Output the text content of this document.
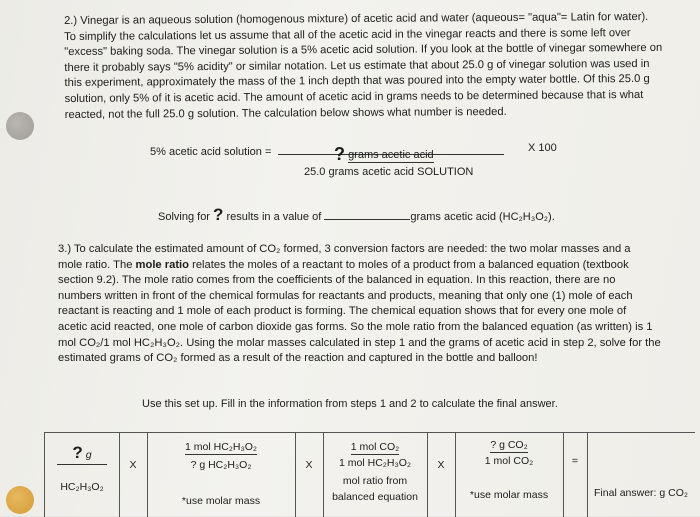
2.) Vinegar is an aqueous solution (homogenous mixture) of acetic acid and water (aqueous= "aqua"= Latin for water).
To simplify the calculations let us assume that all of the acetic acid in the vinegar reacts and there is some left over
"excess" baking soda. The vinegar solution is a 5% acetic acid solution. If you look at the bottle of vinegar somewhere on
there it probably says "5% acidity" or similar notation. Let us estimate that about 25.0 g of vinegar solution was used in
this experiment, approximately the mass of the 1 inch depth that was poured into the empty water bottle. Of this 25.0 g
solution, only 5% of it is acetic acid. The amount of acetic acid in grams needs to be determined because that is what
reacted, not the full 25.0 g solution. The calculation below shows what number is needed.
5% acetic acid solution =	? grams acetic acid
25.0 grams acetic acid SOLUTION
X 100
Solving for ? results in a value of	grams acetic acid (HC₂H₃O₂).
3.) To calculate the estimated amount of CO₂ formed, 3 conversion factors are needed: the two molar masses and a
mole ratio. The mole ratio relates the moles of a reactant to moles of a product from a balanced equation (textbook
section 9.2). The mole ratio comes from the coefficients of the balanced in equation. In this reaction, there are no
numbers written in front of the chemical formulas for reactants and products, meaning that only one (1) mole of each
reactant is reacting and 1 mole of each product is forming. The chemical equation shows that for every one mole of
acetic acid reacted, one mole of carbon dioxide gas forms. So the mole ratio from the balanced equation (as written) is 1
mol CO₂/1 mol HC₂H₃O₂. Using the molar masses calculated in step 1 and the grams of acetic acid in step 2, solve for the
estimated grams of CO₂ formed as a result of the reaction and captured in the bottle and balloon!
Use this set up. Fill in the information from steps 1 and 2 to calculate the final answer.
? g
HC₂H₃O₂
X
1 mol HC₂H₃O₂
? g HC₂H₃O₂
*use molar mass
X
1 mol CO₂
1 mol HC₂H₃O₂
mol ratio from
balanced equation
X
? g CO₂
1 mol CO₂
*use molar mass
=
Final answer: g CO₂
